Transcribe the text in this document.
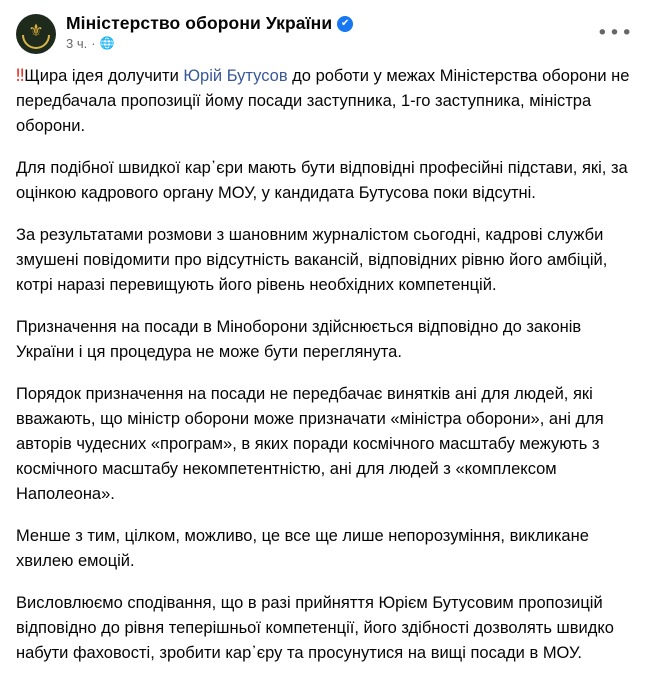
⚜ Міністерство оборони України ✔
3 ч. · 🌐	•••

‼Щира ідея долучити Юрій Бутусов до роботи у межах Міністерства оборони не передбачала пропозиції йому посади заступника, 1-го заступника, міністра оборони.

Для подібної швидкої кар᾿єри мають бути відповідні професійні підстави, які, за оцінкою кадрового органу МОУ, у кандидата Бутусова поки відсутні.

За результатами розмови з шановним журналістом сьогодні, кадрові служби змушені повідомити про відсутність вакансій, відповідних рівню його амбіцій, котрі наразі перевищують його рівень необхідних компетенцій.

Призначення на посади в Міноборони здійснюється відповідно до законів України і ця процедура не може бути переглянута.

Порядок призначення на посади не передбачає винятків ані для людей, які вважають, що міністр оборони може призначати «міністра оборони», ані для авторів чудесних «програм», в яких поради космічного масштабу межують з космічного масштабу некомпетентністю, ані для людей з «комплексом Наполеона».

Менше з тим, цілком, можливо, це все ще лише непорозуміння, викликане хвилею емоцій.

Висловлюємо сподівання, що в разі прийняття Юрієм Бутусовим пропозицій відповідно до рівня теперішньої компетенції, його здібності дозволять швидко набути фаховості, зробити кар᾿єру та просунутися на вищі посади в МОУ.
